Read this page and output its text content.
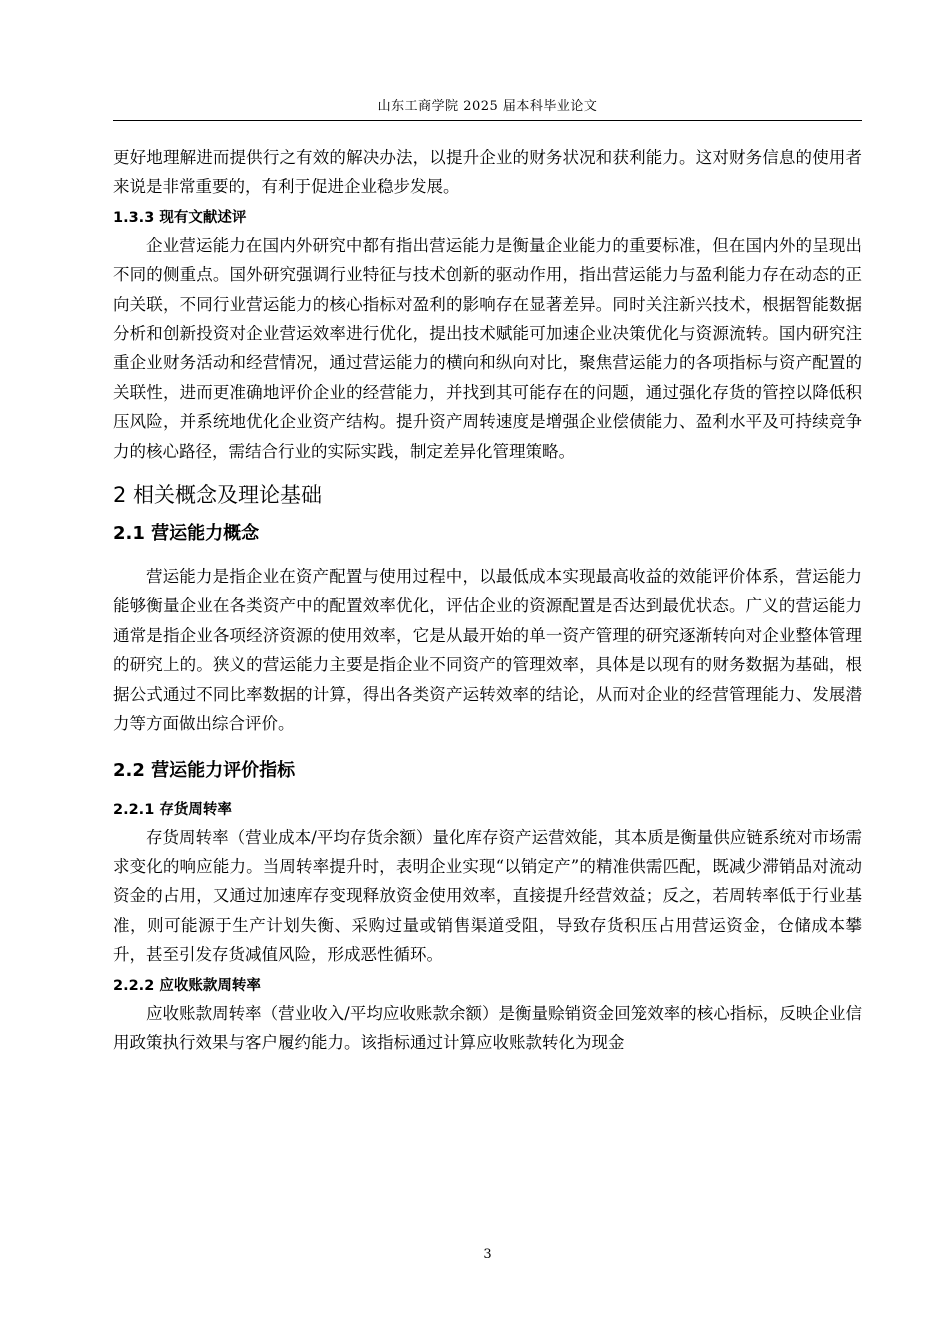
山东工商学院 2025 届本科毕业论文

更好地理解进而提供行之有效的解决办法，以提升企业的财务状况和获利能力。这对财务信息的使用者来说是非常重要的，有利于促进企业稳步发展。

1.3.3 现有文献述评

企业营运能力在国内外研究中都有指出营运能力是衡量企业能力的重要标准，但在国内外的呈现出不同的侧重点。国外研究强调行业特征与技术创新的驱动作用，指出营运能力与盈利能力存在动态的正向关联，不同行业营运能力的核心指标对盈利的影响存在显著差异。同时关注新兴技术，根据智能数据分析和创新投资对企业营运效率进行优化，提出技术赋能可加速企业决策优化与资源流转。国内研究注重企业财务活动和经营情况，通过营运能力的横向和纵向对比，聚焦营运能力的各项指标与资产配置的关联性，进而更准确地评价企业的经营能力，并找到其可能存在的问题，通过强化存货的管控以降低积压风险，并系统地优化企业资产结构。提升资产周转速度是增强企业偿债能力、盈利水平及可持续竞争力的核心路径，需结合行业的实际实践，制定差异化管理策略。

2 相关概念及理论基础
2.1 营运能力概念

营运能力是指企业在资产配置与使用过程中，以最低成本实现最高收益的效能评价体系，营运能力能够衡量企业在各类资产中的配置效率优化，评估企业的资源配置是否达到最优状态。广义的营运能力通常是指企业各项经济资源的使用效率，它是从最开始的单一资产管理的研究逐渐转向对企业整体管理的研究上的。狭义的营运能力主要是指企业不同资产的管理效率，具体是以现有的财务数据为基础，根据公式通过不同比率数据的计算，得出各类资产运转效率的结论，从而对企业的经营管理能力、发展潜力等方面做出综合评价。

2.2 营运能力评价指标
2.2.1 存货周转率

存货周转率（营业成本/平均存货余额）量化库存资产运营效能，其本质是衡量供应链系统对市场需求变化的响应能力。当周转率提升时，表明企业实现“以销定产”的精准供需匹配，既减少滞销品对流动资金的占用，又通过加速库存变现释放资金使用效率，直接提升经营效益；反之，若周转率低于行业基准，则可能源于生产计划失衡、采购过量或销售渠道受阻，导致存货积压占用营运资金，仓储成本攀升，甚至引发存货减值风险，形成恶性循环。

2.2.2 应收账款周转率

应收账款周转率（营业收入/平均应收账款余额）是衡量赊销资金回笼效率的核心指标，反映企业信用政策执行效果与客户履约能力。该指标通过计算应收账款转化为现金

3
